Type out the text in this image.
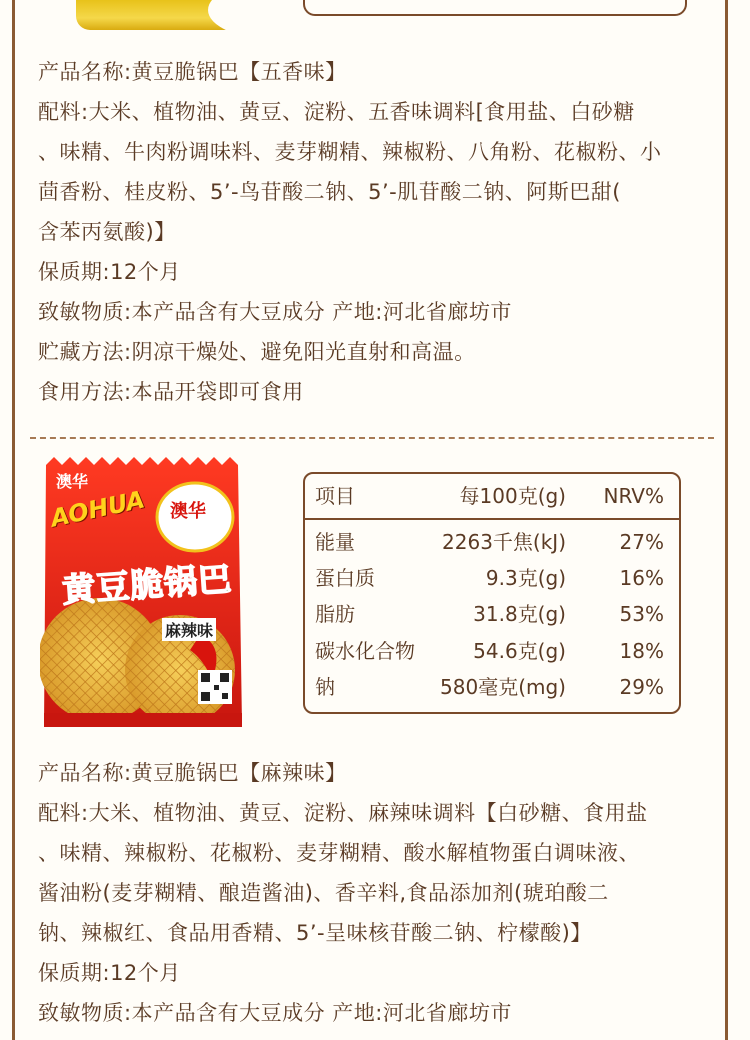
产品名称:黄豆脆锅巴【五香味】
配料:大米、植物油、黄豆、淀粉、五香味调料[食用盐、白砂糖
、味精、牛肉粉调味料、麦芽糊精、辣椒粉、八角粉、花椒粉、小
茴香粉、桂皮粉、5’-鸟苷酸二钠、5’-肌苷酸二钠、阿斯巴甜(
含苯丙氨酸)】
保质期:12个月
致敏物质:本产品含有大豆成分 产地:河北省廊坊市
贮藏方法:阴凉干燥处、避免阳光直射和高温。
食用方法:本品开袋即可食用
澳华
AOHUA 澳华
黄豆脆锅巴
麻辣味
项目	每100克(g) NRV%
能量	2263千焦(kJ)	27%
蛋白质	9.3克(g)	16%
脂肪	31.8克(g)	53%
碳水化合物	54.6克(g)	18%
钠	580毫克(mg)	29%
产品名称:黄豆脆锅巴【麻辣味】
配料:大米、植物油、黄豆、淀粉、麻辣味调料【白砂糖、食用盐
、味精、辣椒粉、花椒粉、麦芽糊精、酸水解植物蛋白调味液、
酱油粉(麦芽糊精、酿造酱油)、香辛料,食品添加剂(琥珀酸二
钠、辣椒红、食品用香精、5’-呈味核苷酸二钠、柠檬酸)】
保质期:12个月
致敏物质:本产品含有大豆成分 产地:河北省廊坊市
